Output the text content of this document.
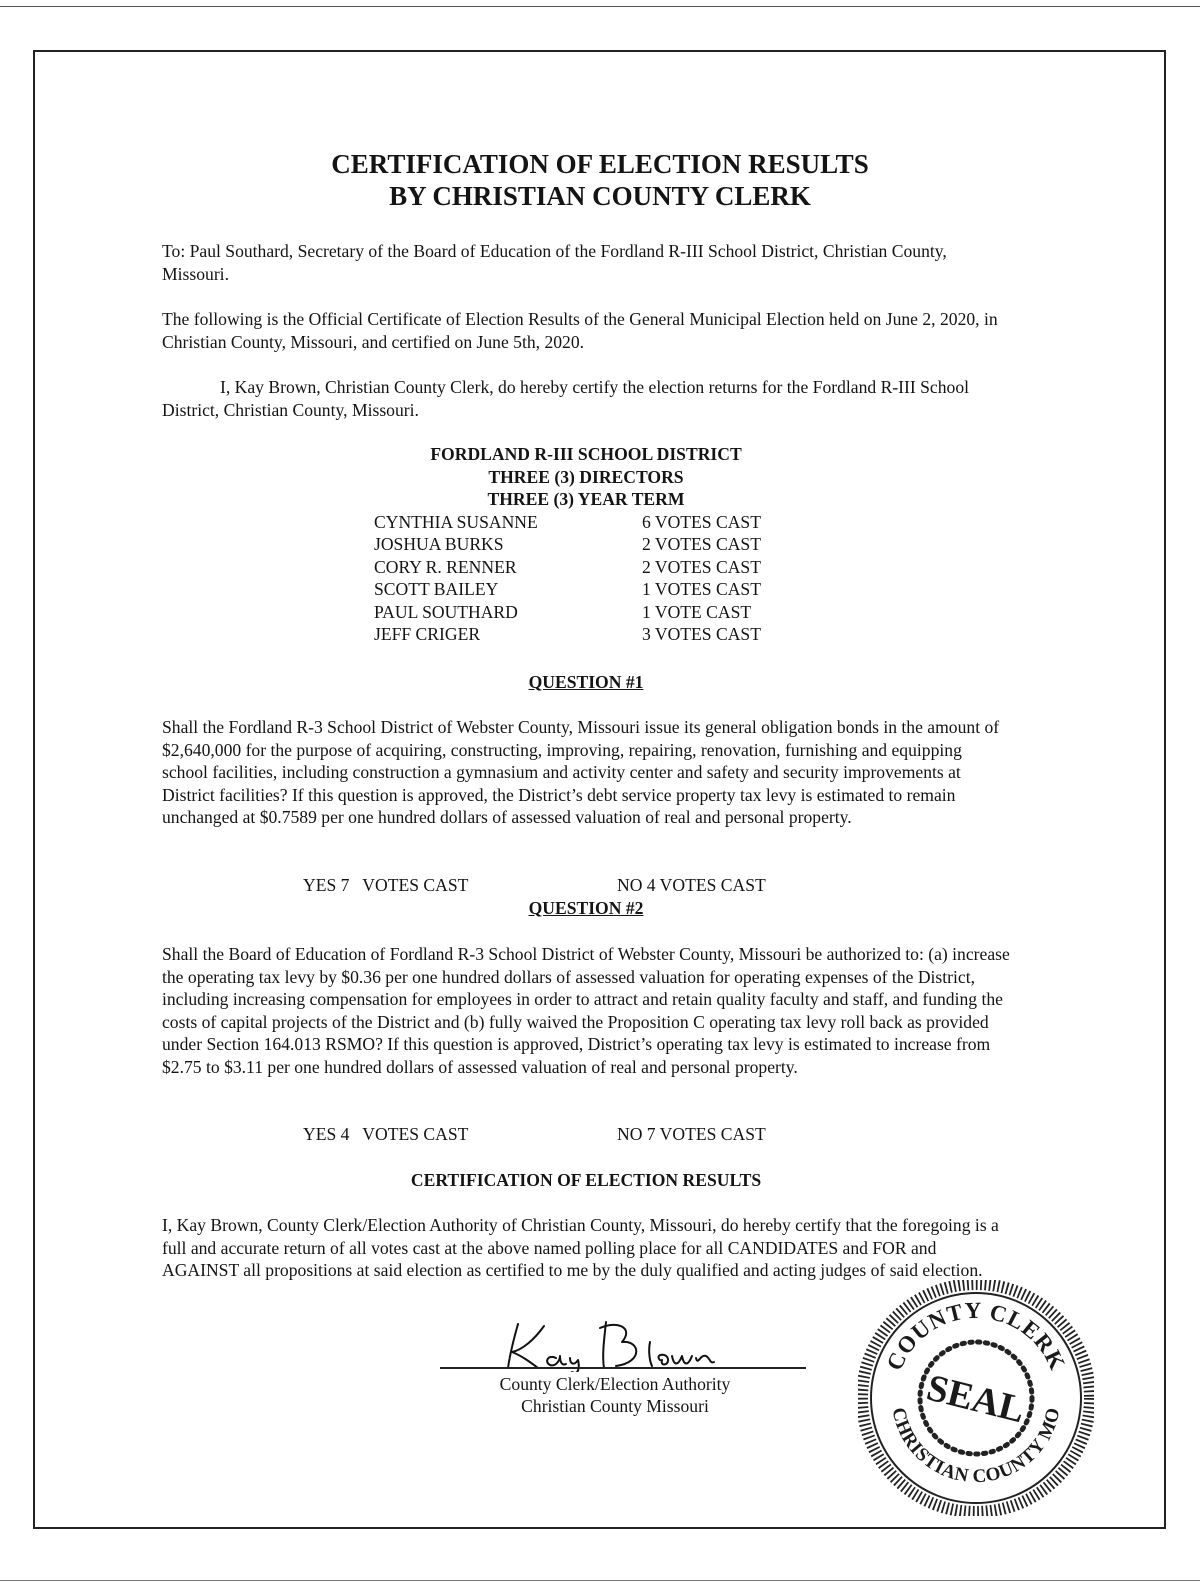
CERTIFICATION OF ELECTION RESULTS
BY CHRISTIAN COUNTY CLERK

To: Paul Southard, Secretary of the Board of Education of the Fordland R-III School District, Christian County, Missouri.

The following is the Official Certificate of Election Results of the General Municipal Election held on June 2, 2020, in Christian County, Missouri, and certified on June 5th, 2020.

I, Kay Brown, Christian County Clerk, do hereby certify the election returns for the Fordland R-III School District, Christian County, Missouri.

FORDLAND R-III SCHOOL DISTRICT

THREE (3) DIRECTORS

THREE (3) YEAR TERM

CYNTHIA SUSANNE	6 VOTES CAST
JOSHUA BURKS	2 VOTES CAST
CORY R. RENNER	2 VOTES CAST
SCOTT BAILEY	1 VOTES CAST
PAUL SOUTHARD	1 VOTE CAST
JEFF CRIGER	3 VOTES CAST

QUESTION #1

Shall the Fordland R-3 School District of Webster County, Missouri issue its general obligation bonds in the amount of $2,640,000 for the purpose of acquiring, constructing, improving, repairing, renovation, furnishing and equipping school facilities, including construction a gymnasium and activity center and safety and security improvements at District facilities? If this question is approved, the District’s debt service property tax levy is estimated to remain unchanged at $0.7589 per one hundred dollars of assessed valuation of real and personal property.

YES 7   VOTES CAST	NO 4 VOTES CAST

QUESTION #2

Shall the Board of Education of Fordland R-3 School District of Webster County, Missouri be authorized to: (a) increase the operating tax levy by $0.36 per one hundred dollars of assessed valuation for operating expenses of the District, including increasing compensation for employees in order to attract and retain quality faculty and staff, and funding the costs of capital projects of the District and (b) fully waived the Proposition C operating tax levy roll back as provided under Section 164.013 RSMO? If this question is approved, District’s operating tax levy is estimated to increase from $2.75 to $3.11 per one hundred dollars of assessed valuation of real and personal property.

YES 4   VOTES CAST	NO 7 VOTES CAST

CERTIFICATION OF ELECTION RESULTS

I, Kay Brown, County Clerk/Election Authority of Christian County, Missouri, do hereby certify that the foregoing is a full and accurate return of all votes cast at the above named polling place for all CANDIDATES and FOR and AGAINST all propositions at said election as certified to me by the duly qualified and acting judges of said election.

County Clerk/Election Authority
Christian County Missouri
COUNTY CLERK
CHRISTIAN COUNTY MO
SEAL
